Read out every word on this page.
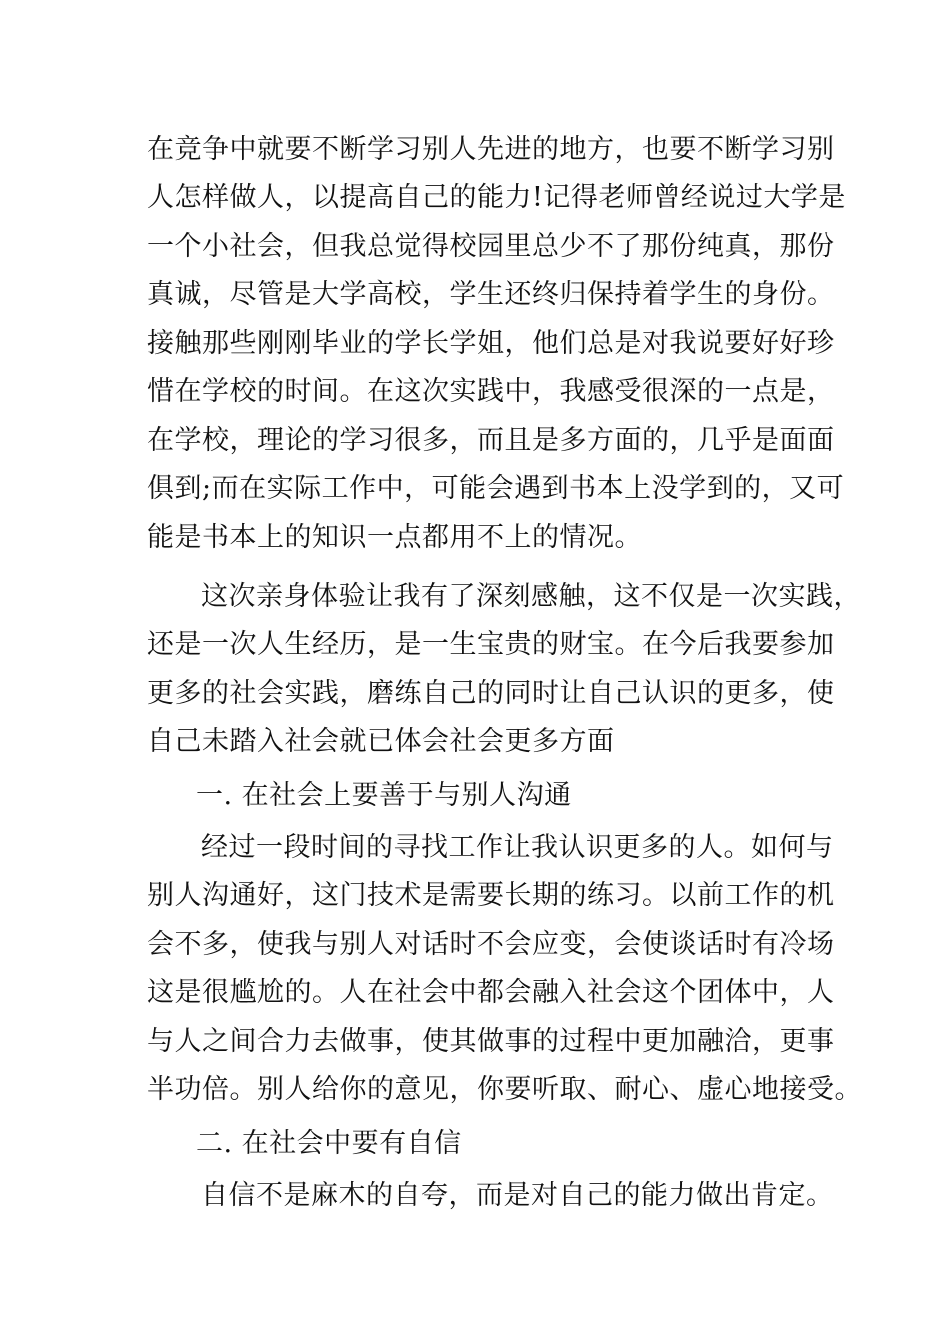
在竞争中就要不断学习别人先进的地方，也要不断学习别
人怎样做人，以提高自己的能力!记得老师曾经说过大学是
一个小社会，但我总觉得校园里总少不了那份纯真，那份
真诚，尽管是大学高校，学生还终归保持着学生的身份。
接触那些刚刚毕业的学长学姐，他们总是对我说要好好珍
惜在学校的时间。在这次实践中，我感受很深的一点是，
在学校，理论的学习很多，而且是多方面的，几乎是面面
俱到;而在实际工作中，可能会遇到书本上没学到的，又可
能是书本上的知识一点都用不上的情况。
这次亲身体验让我有了深刻感触，这不仅是一次实践，
还是一次人生经历，是一生宝贵的财宝。在今后我要参加
更多的社会实践，磨练自己的同时让自己认识的更多，使
自己未踏入社会就已体会社会更多方面
一. 在社会上要善于与别人沟通
经过一段时间的寻找工作让我认识更多的人。如何与
别人沟通好，这门技术是需要长期的练习。以前工作的机
会不多，使我与别人对话时不会应变，会使谈话时有冷场
这是很尴尬的。人在社会中都会融入社会这个团体中，人
与人之间合力去做事，使其做事的过程中更加融洽，更事
半功倍。别人给你的意见，你要听取、耐心、虚心地接受。
二. 在社会中要有自信
自信不是麻木的自夸，而是对自己的能力做出肯定。
